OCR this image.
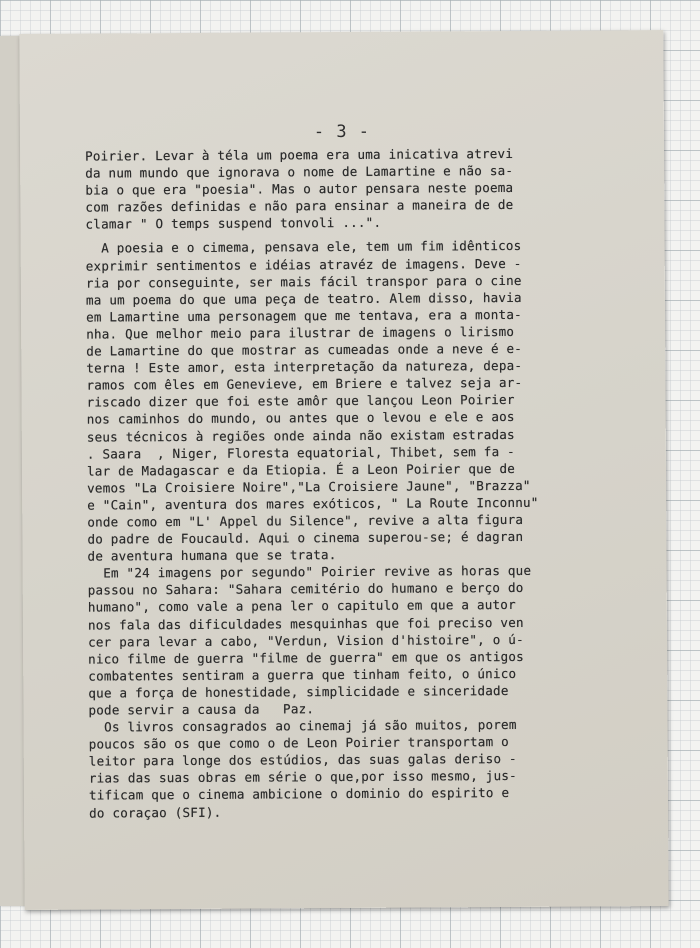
- 3 -

Poirier. Levar à téla um poema era uma inicativa atrevi
da num mundo que ignorava o nome de Lamartine e não sa-
bia o que era "poesia". Mas o autor pensara neste poema
com razões definidas e não para ensinar a maneira de de
clamar " O temps suspend tonvoli ...".

A poesia e o cimema, pensava ele, tem um fim idênticos
exprimir sentimentos e idéias atravéz de imagens. Deve -
ria por conseguinte, ser mais fácil transpor para o cine
ma um poema do que uma peça de teatro. Alem disso, havia
em Lamartine uma personagem que me tentava, era a monta-
nha. Que melhor meio para ilustrar de imagens o lirismo
de Lamartine do que mostrar as cumeadas onde a neve é e-
terna ! Este amor, esta interpretação da natureza, depa-
ramos com êles em Genevieve, em Briere e talvez seja ar-
riscado dizer que foi este amôr que lançou Leon Poirier
nos caminhos do mundo, ou antes que o levou e ele e aos
seus técnicos à regiões onde ainda não existam estradas
. Saara  , Niger, Floresta equatorial, Thibet, sem fa -
lar de Madagascar e da Etiopia. É a Leon Poirier que de
vemos "La Croisiere Noire","La Croisiere Jaune", "Brazza"
e "Cain", aventura dos mares exóticos, " La Route Inconnu"
onde como em "L' Appel du Silence", revive a alta figura
do padre de Foucauld. Aqui o cinema superou-se; é dagran
de aventura humana que se trata.

Em "24 imagens por segundo" Poirier revive as horas que
passou no Sahara: "Sahara cemitério do humano e berço do
humano", como vale a pena ler o capitulo em que a autor
nos fala das dificuldades mesquinhas que foi preciso ven
cer para levar a cabo, "Verdun, Vision d'histoire", o ú-
nico filme de guerra "filme de guerra" em que os antigos
combatentes sentiram a guerra que tinham feito, o único
que a força de honestidade, simplicidade e sinceridade
pode servir a causa da   Paz.

Os livros consagrados ao cinemaj já são muitos, porem
poucos são os que como o de Leon Poirier transportam o
leitor para longe dos estúdios, das suas galas deriso -
rias das suas obras em série o que,por isso mesmo, jus-
tificam que o cinema ambicione o dominio do espirito e
do coraçao (SFI).
